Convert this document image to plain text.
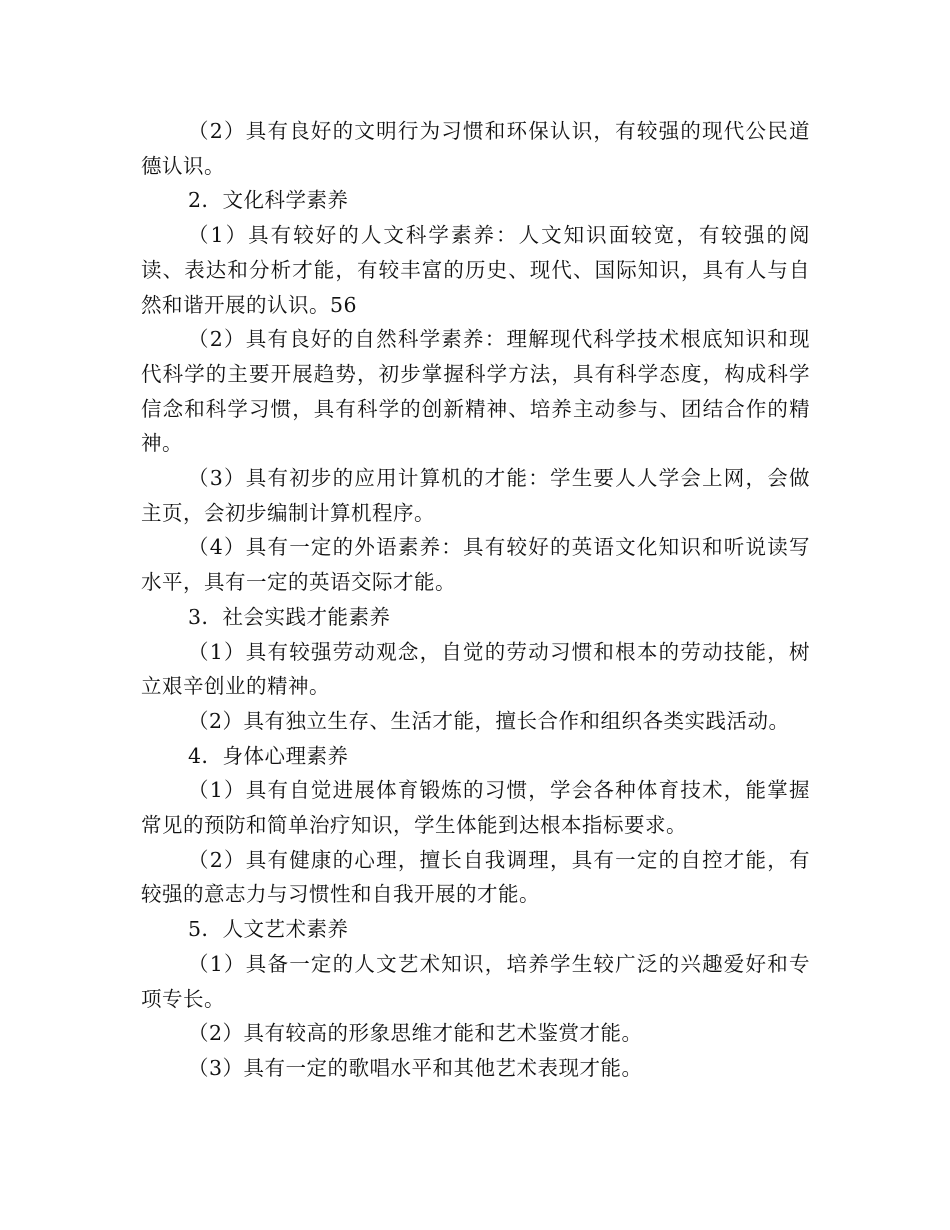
（2）具有良好的文明行为习惯和环保认识，有较强的现代公民道德认识。

2．文化科学素养

（1）具有较好的人文科学素养：人文知识面较宽，有较强的阅读、表达和分析才能，有较丰富的历史、现代、国际知识，具有人与自然和谐开展的认识。56

（2）具有良好的自然科学素养：理解现代科学技术根底知识和现代科学的主要开展趋势，初步掌握科学方法，具有科学态度，构成科学信念和科学习惯，具有科学的创新精神、培养主动参与、团结合作的精神。

（3）具有初步的应用计算机的才能：学生要人人学会上网，会做主页，会初步编制计算机程序。

（4）具有一定的外语素养：具有较好的英语文化知识和听说读写水平，具有一定的英语交际才能。

3．社会实践才能素养

（1）具有较强劳动观念，自觉的劳动习惯和根本的劳动技能，树立艰辛创业的精神。

（2）具有独立生存、生活才能，擅长合作和组织各类实践活动。

4．身体心理素养

（1）具有自觉进展体育锻炼的习惯，学会各种体育技术，能掌握常见的预防和简单治疗知识，学生体能到达根本指标要求。

（2）具有健康的心理，擅长自我调理，具有一定的自控才能，有较强的意志力与习惯性和自我开展的才能。

5．人文艺术素养

（1）具备一定的人文艺术知识，培养学生较广泛的兴趣爱好和专项专长。

（2）具有较高的形象思维才能和艺术鉴赏才能。

（3）具有一定的歌唱水平和其他艺术表现才能。
